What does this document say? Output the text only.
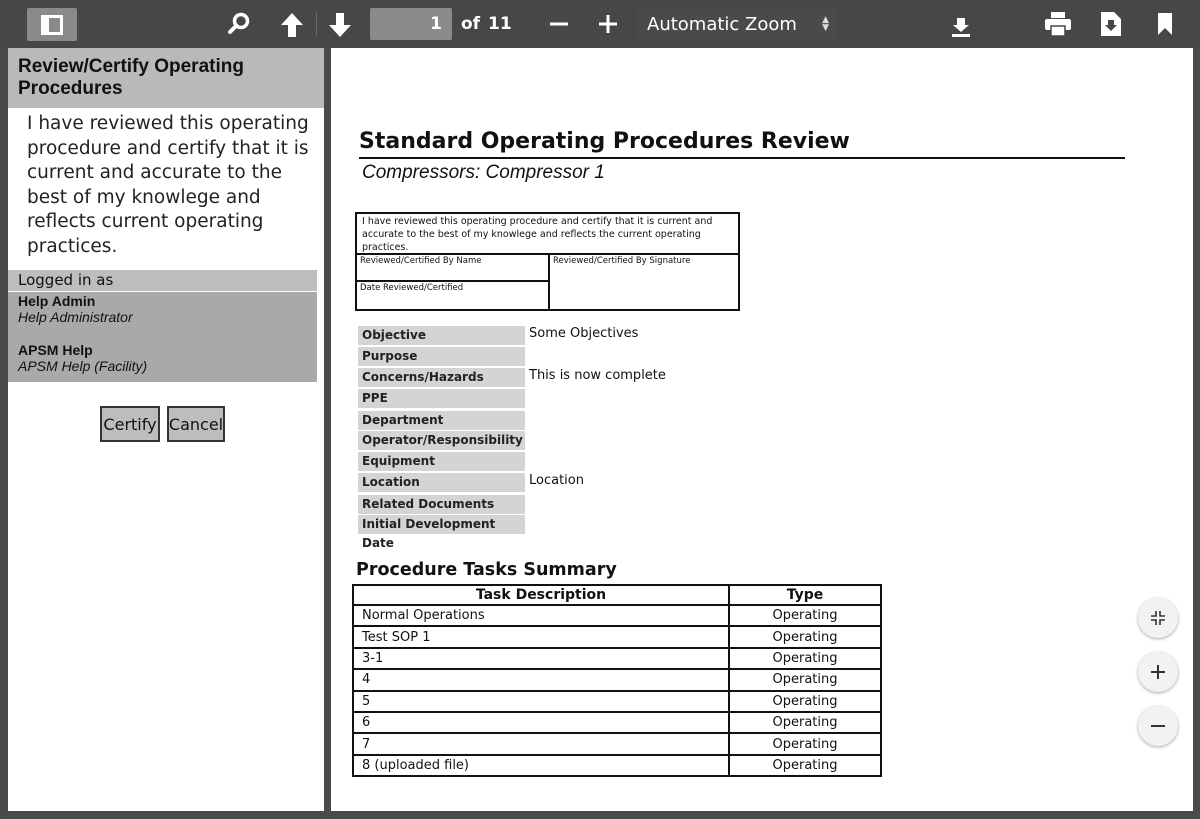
1	of 11	Automatic Zoom	▲
▼
Review/Certify Operating Procedures
I have reviewed this operating procedure and certify that it is current and accurate to the best of my knowlege and reflects current operating practices.
Logged in as
Help Admin
Help Administrator
APSM Help
APSM Help (Facility)
Certify Cancel
Standard Operating Procedures Review
Compressors: Compressor 1
I have reviewed this operating procedure and certify that it is current and accurate to the best of my knowlege and reflects the current operating practices.
Reviewed/Certified By Name
Date Reviewed/Certified
Reviewed/Certified By Signature
Objective	Some Objectives
Purpose
Concerns/Hazards	This is now complete
PPE
Department
Operator/Responsibility
Equipment
Location	Location
Related Documents
Initial Development Date
Procedure Tasks Summary
Task Description	Type
Normal Operations	Operating
Test SOP 1	Operating
3-1	Operating
4	Operating
5	Operating
6	Operating
7	Operating
8 (uploaded file)	Operating
